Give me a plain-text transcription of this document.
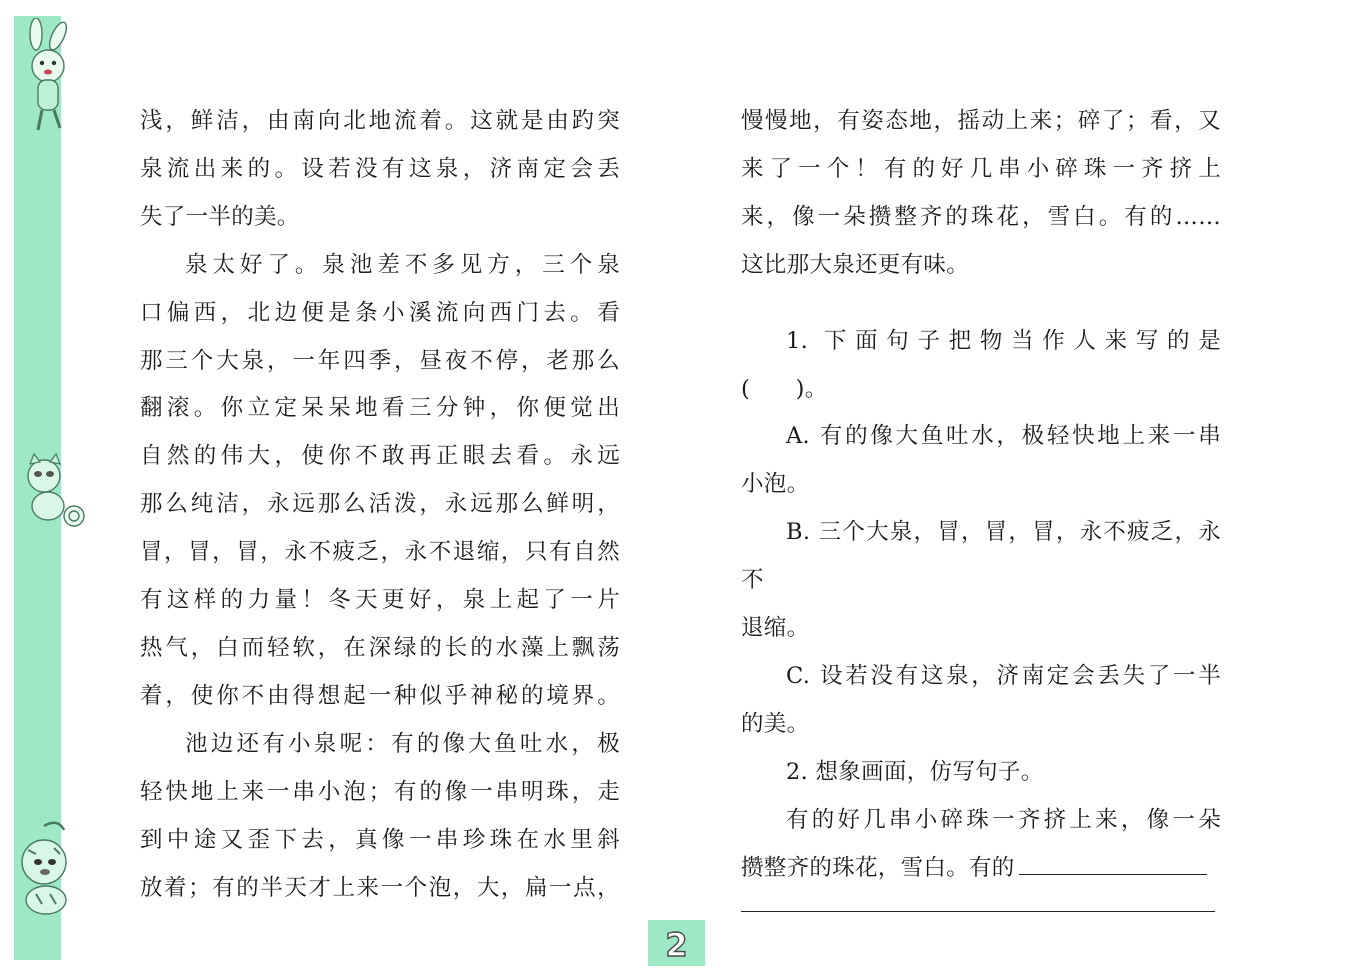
浅，鲜洁，由南向北地流着。这就是由趵突

泉流出来的。设若没有这泉，济南定会丢

失了一半的美。

泉太好了。泉池差不多见方，三个泉

口偏西，北边便是条小溪流向西门去。看

那三个大泉，一年四季，昼夜不停，老那么

翻滚。你立定呆呆地看三分钟，你便觉出

自然的伟大，使你不敢再正眼去看。永远

那么纯洁，永远那么活泼，永远那么鲜明，

冒，冒，冒，永不疲乏，永不退缩，只有自然

有这样的力量！冬天更好，泉上起了一片

热气，白而轻软，在深绿的长的水藻上飘荡

着，使你不由得想起一种似乎神秘的境界。

池边还有小泉呢：有的像大鱼吐水，极

轻快地上来一串小泡；有的像一串明珠，走

到中途又歪下去，真像一串珍珠在水里斜

放着；有的半天才上来一个泡，大，扁一点，

慢慢地，有姿态地，摇动上来；碎了；看，又

来了一个！有的好几串小碎珠一齐挤上

来，像一朵攒整齐的珠花，雪白。有的……

这比那大泉还更有味。

1. 下面句子把物当作人来写的是

(　　)。

A. 有的像大鱼吐水，极轻快地上来一串

小泡。

B. 三个大泉，冒，冒，冒，永不疲乏，永不

退缩。

C. 设若没有这泉，济南定会丢失了一半

的美。

2. 想象画面，仿写句子。

有的好几串小碎珠一齐挤上来，像一朵

攒整齐的珠花，雪白。有的

2
